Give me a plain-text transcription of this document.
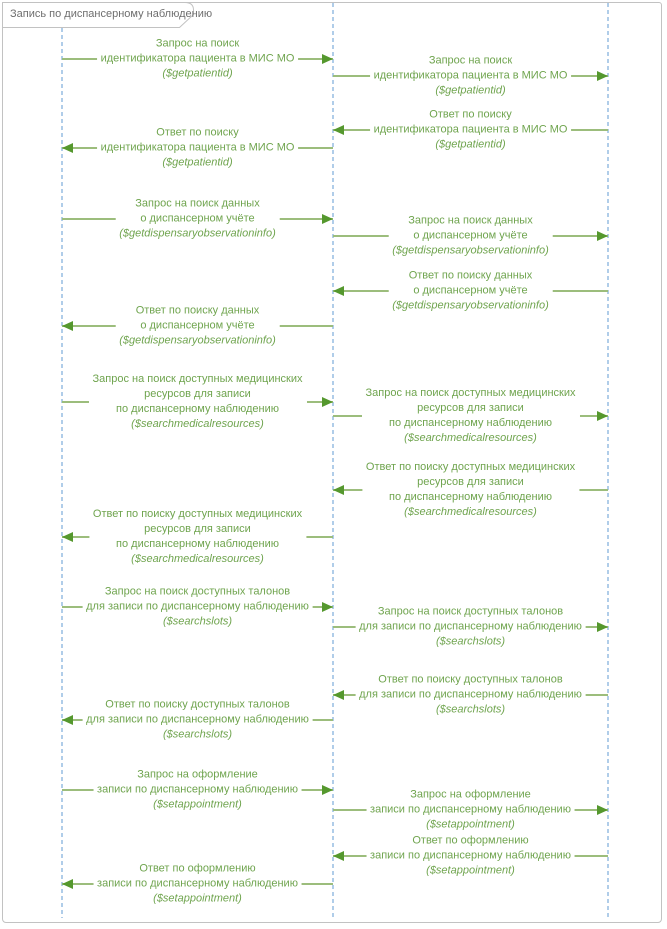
Запись по диспансерному наблюдению
Запрос на поиск
идентификатора пациента в МИС МО
($getpatientid)
Запрос на поиск
идентификатора пациента в МИС МО
($getpatientid)
Ответ по поиску
идентификатора пациента в МИС МО
($getpatientid)
Ответ по поиску
идентификатора пациента в МИС МО
($getpatientid)
Запрос на поиск данных
о диспансерном учёте
($getdispensaryobservationinfo)
Запрос на поиск данных
о диспансерном учёте
($getdispensaryobservationinfo)
Ответ по поиску данных
о диспансерном учёте
($getdispensaryobservationinfo)
Ответ по поиску данных
о диспансерном учёте
($getdispensaryobservationinfo)
Запрос на поиск доступных медицинских
ресурсов для записи
по диспансерному наблюдению
($searchmedicalresources)
Запрос на поиск доступных медицинских
ресурсов для записи
по диспансерному наблюдению
($searchmedicalresources)
Ответ по поиску доступных медицинских
ресурсов для записи
по диспансерному наблюдению
($searchmedicalresources)
Ответ по поиску доступных медицинских
ресурсов для записи
по диспансерному наблюдению
($searchmedicalresources)
Запрос на поиск доступных талонов
для записи по диспансерному наблюдению
($searchslots)
Запрос на поиск доступных талонов
для записи по диспансерному наблюдению
($searchslots)
Ответ по поиску доступных талонов
для записи по диспансерному наблюдению
($searchslots)
Ответ по поиску доступных талонов
для записи по диспансерному наблюдению
($searchslots)
Запрос на оформление
записи по диспансерному наблюдению
($setappointment)
Запрос на оформление
записи по диспансерному наблюдению
($setappointment)
Ответ по оформлению
записи по диспансерному наблюдению
($setappointment)
Ответ по оформлению
записи по диспансерному наблюдению
($setappointment)
